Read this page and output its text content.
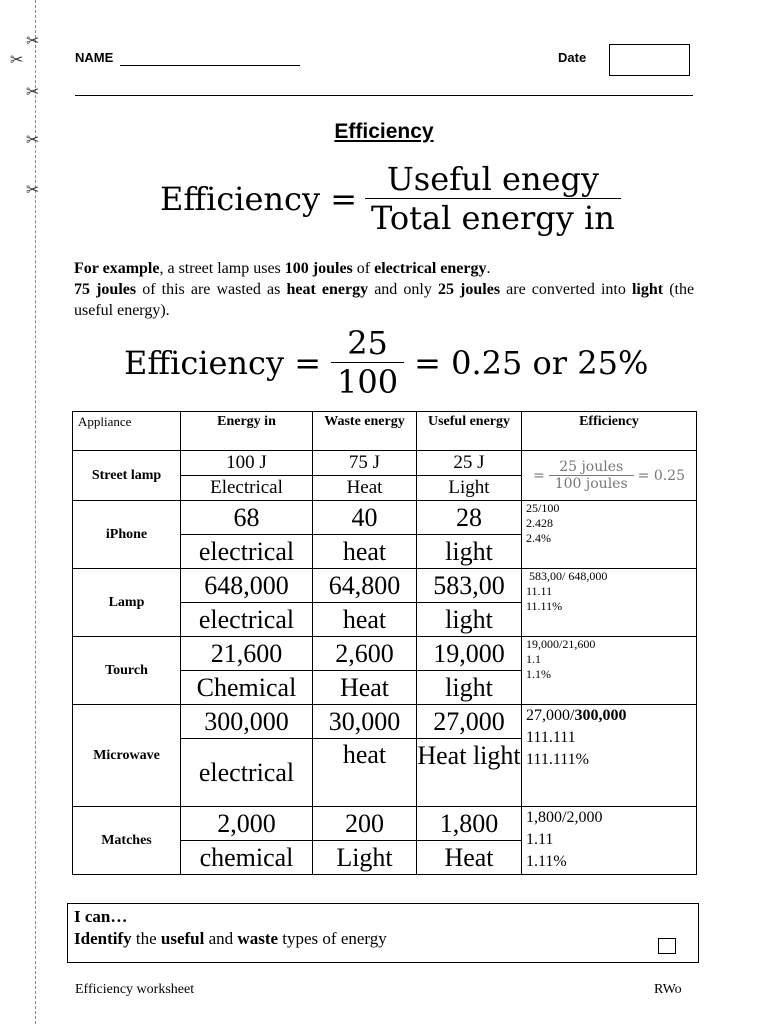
✂
✂
✂
✂
✂
NAME	Date
Efficiency
Efficiency = $\frac{\text{Useful enegy}}{\text{Total energy in}}$
For example, a street lamp uses 100 joules of electrical energy.
75 joules of this are wasted as heat energy and only 25 joules are converted into light (the useful energy).
Efficiency = $\frac{25}{100} = 0.25$ or 25%
Appliance	Energy in	Waste energy	Useful energy	Efficiency
Street lamp	100 J	75 J	25 J	= $\frac{\text{25 joules}}{\text{100 joules}} = 0.25$

	Electrical	Heat	Light	
iPhone	68	40	28	25/100
2.428
2.4%

	electrical	heat	light	
Lamp	648,000	64,800	583,00	583,00/ 648,000
11.11
11.11%

	electrical	heat	light	
Tourch	21,600	2,600	19,000	19,000/21,600
1.1
1.1%

	Chemical	Heat	light	
Microwave	300,000	30,000	27,000	27,000/300,000
111.111
111.111%

	electrical	heat	Heat light	
Matches	2,000	200	1,800	1,800/2,000
1.11
1.11%

	chemical	Light	Heat	
I can…
Identify the useful and waste types of energy
Efficiency worksheet	RWo
